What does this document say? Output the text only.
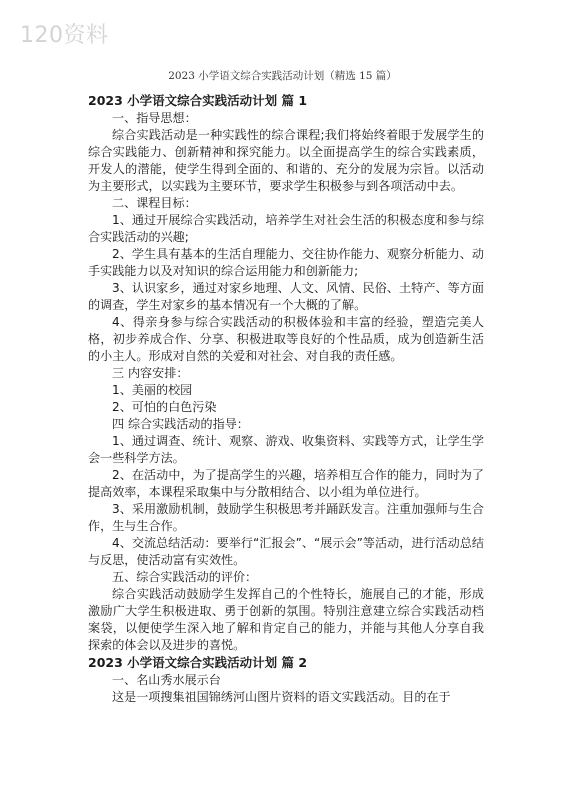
120资料
2023 小学语文综合实践活动计划（精选 15 篇）
2023 小学语文综合实践活动计划 篇 1

一、指导思想：

综合实践活动是一种实践性的综合课程;我们将始终着眼于发展学生的综合实践能力、创新精神和探究能力。以全面提高学生的综合实践素质，开发人的潜能，使学生得到全面的、和谐的、充分的发展为宗旨。以活动为主要形式，以实践为主要环节，要求学生积极参与到各项活动中去。

二、课程目标：

1、通过开展综合实践活动，培养学生对社会生活的积极态度和参与综合实践活动的兴趣;

2、学生具有基本的生活自理能力、交往协作能力、观察分析能力、动手实践能力以及对知识的综合运用能力和创新能力;

3、认识家乡，通过对家乡地理、人文、风情、民俗、土特产、等方面的调查，学生对家乡的基本情况有一个大概的了解。

4、得亲身参与综合实践活动的积极体验和丰富的经验，塑造完美人格，初步养成合作、分享、积极进取等良好的个性品质，成为创造新生活的小主人。形成对自然的关爱和对社会、对自我的责任感。

三 内容安排：

1、美丽的校园

2、可怕的白色污染

四 综合实践活动的指导：

1、通过调查、统计、观察、游戏、收集资料、实践等方式，让学生学会一些科学方法。

2、在活动中，为了提高学生的兴趣，培养相互合作的能力，同时为了提高效率，本课程采取集中与分散相结合、以小组为单位进行。

3、采用激励机制，鼓励学生积极思考并踊跃发言。注重加强师与生合作，生与生合作。

4、交流总结活动：要举行“汇报会”、“展示会”等活动，进行活动总结与反思，使活动富有实效性。

五、综合实践活动的评价：

综合实践活动鼓励学生发挥自己的个性特长，施展自己的才能，形成激励广大学生积极进取、勇于创新的氛围。特别注意建立综合实践活动档案袋，以便使学生深入地了解和肯定自己的能力，并能与其他人分享自我探索的体会以及进步的喜悦。

2023 小学语文综合实践活动计划 篇 2

一、名山秀水展示台

这是一项搜集祖国锦绣河山图片资料的语文实践活动。目的在于
